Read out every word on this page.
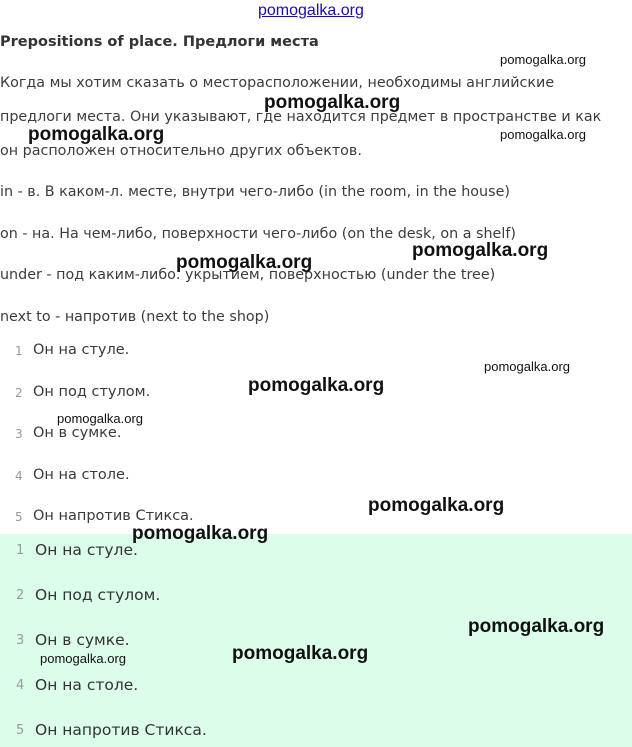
pomogalka.org
Prepositions of place. Предлоги места
Когда мы хотим сказать о месторасположении, необходимы английские
предлоги места. Они указывают, где находится предмет в пространстве и как
он расположен относительно других объектов.
in - в. В каком-л. месте, внутри чего-либо (in the room, in the house)
on - на. На чем-либо, поверхности чего-либо (on the desk, on a shelf)
under - под каким-либо. укрытием, поверхностью (under the tree)
next to - напротив (next to the shop)
1 Он на стуле.
2 Он под стулом.
3 Он в сумке.
4 Он на столе.
5 Он напротив Стикса.
1 Он на стуле.
2 Он под стулом.
3 Он в сумке.
4 Он на столе.
5 Он напротив Стикса.
pomogalka.org
pomogalka.org
pomogalka.org	pomogalka.org
pomogalka.org
pomogalka.org
pomogalka.org
pomogalka.org
pomogalka.org
pomogalka.org
pomogalka.org
pomogalka.org
pomogalka.org
pomogalka.org
